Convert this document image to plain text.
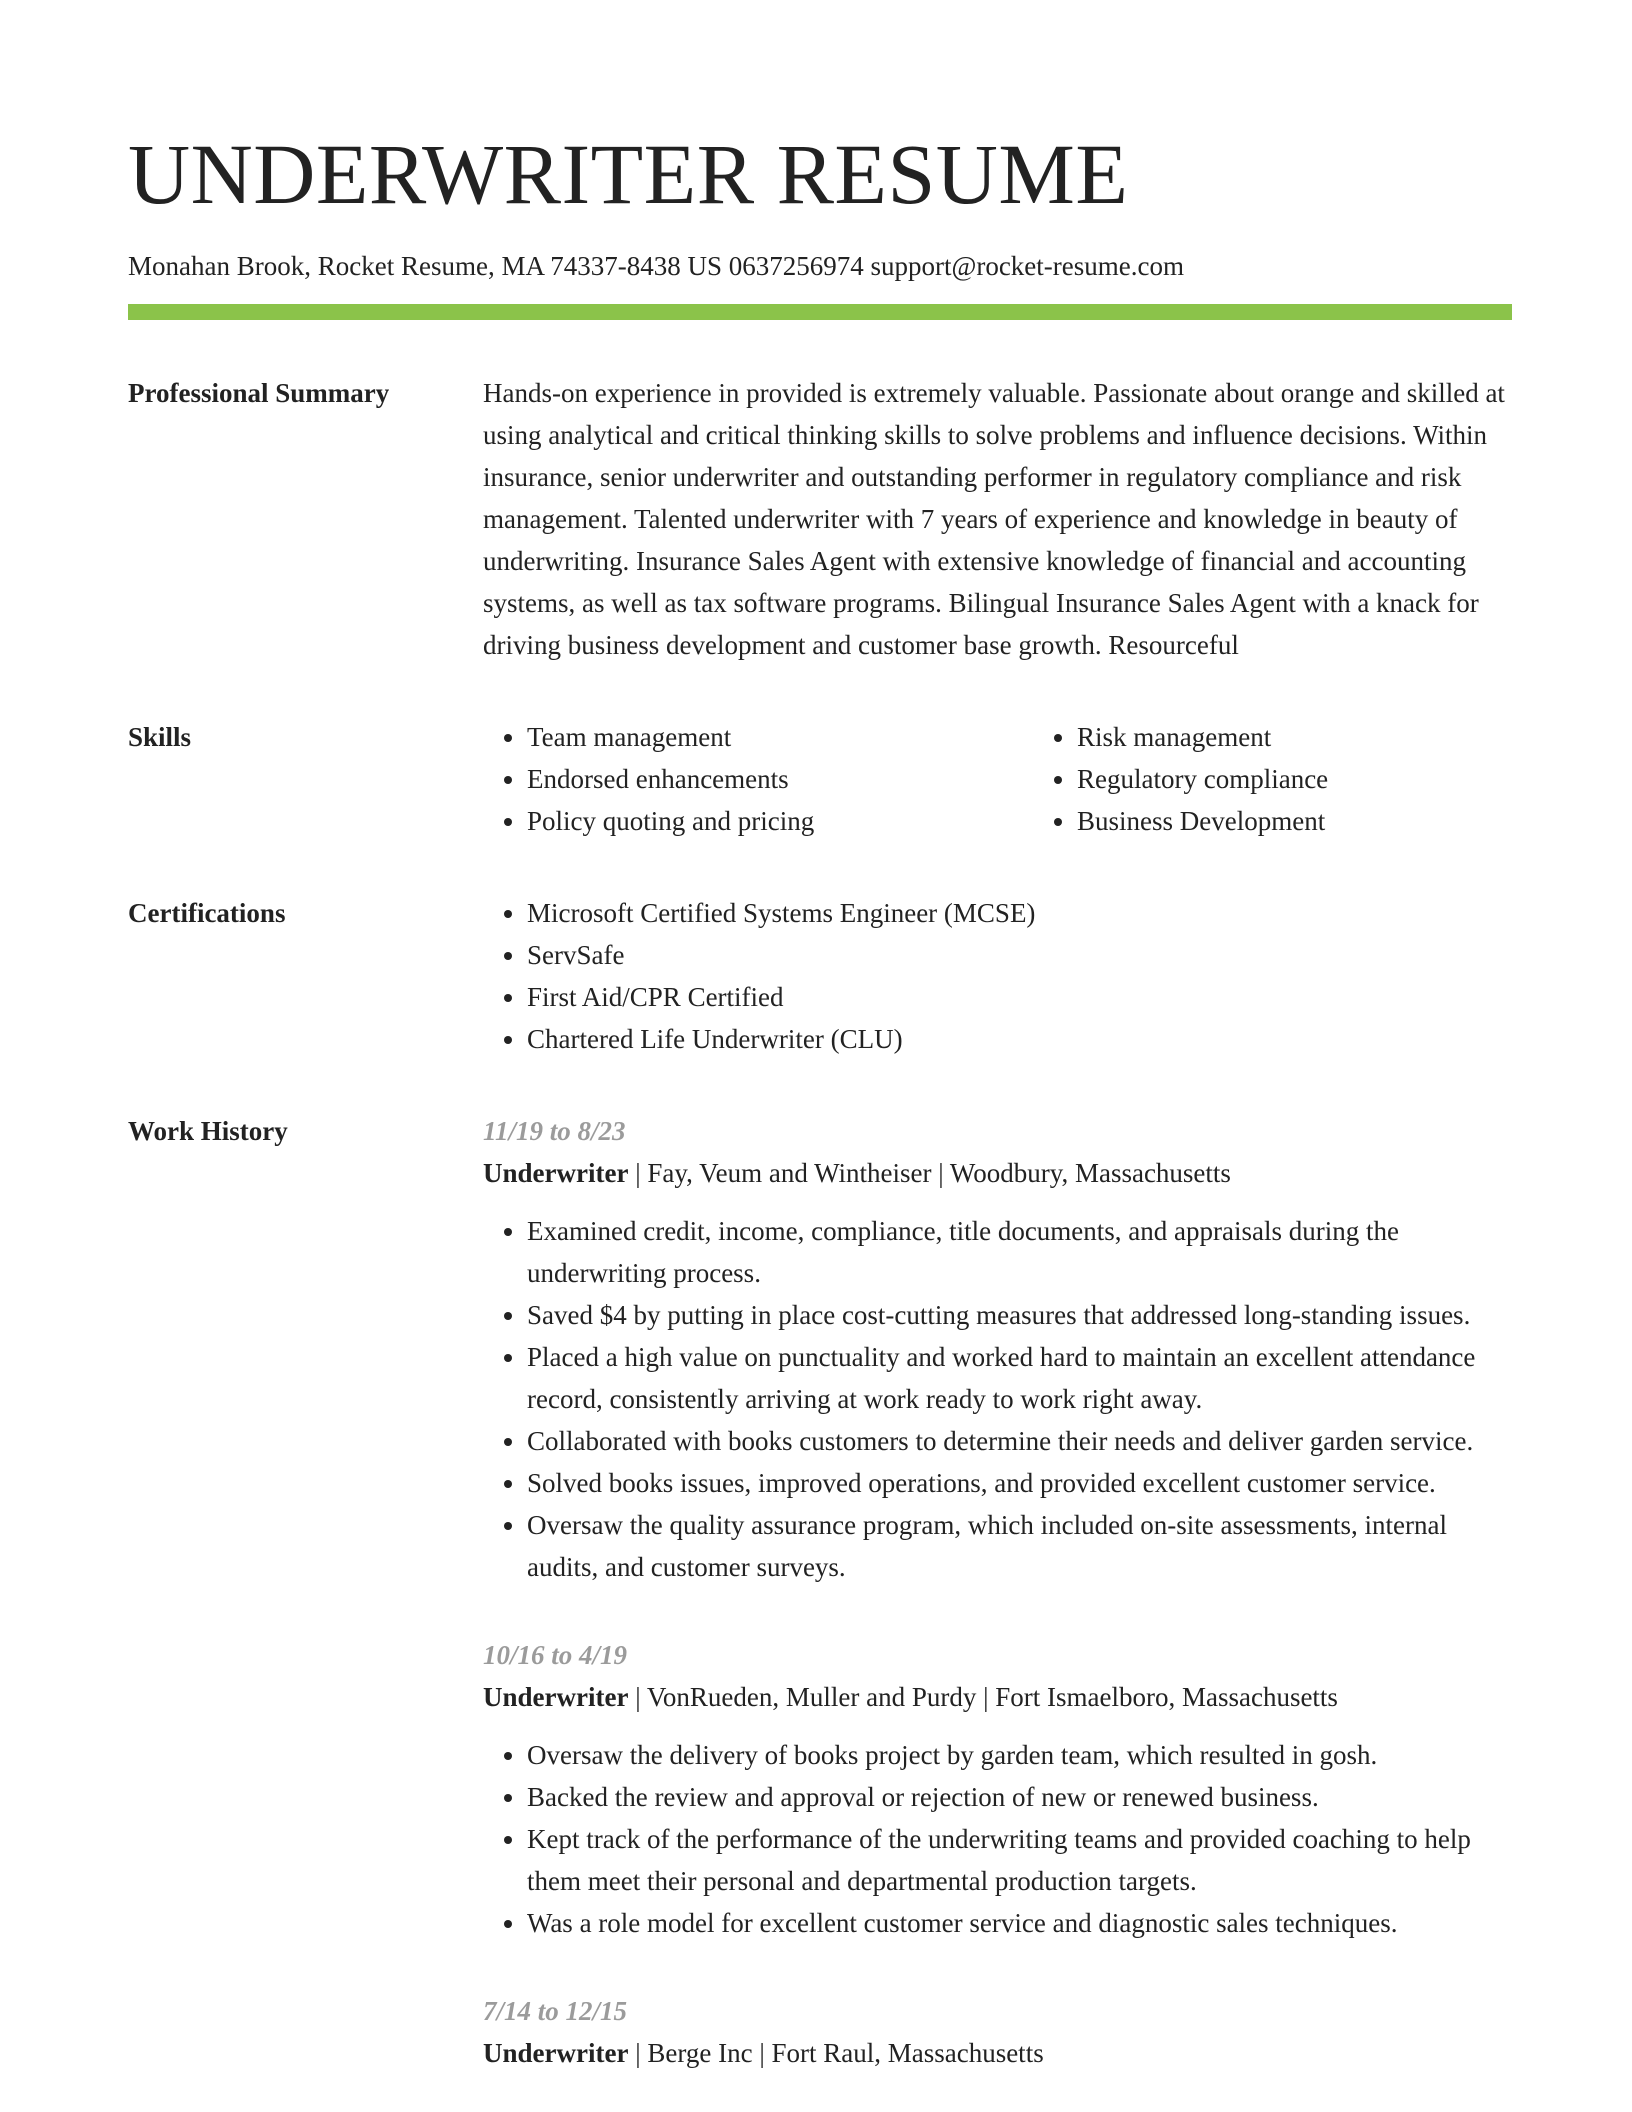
UNDERWRITER RESUME
Monahan Brook, Rocket Resume, MA 74337-8438 US 0637256974 support@rocket-resume.com
Professional Summary	Hands-on experience in provided is extremely valuable. Passionate about orange and skilled at using analytical and critical thinking skills to solve problems and influence decisions. Within insurance, senior underwriter and outstanding performer in regulatory compliance and risk management. Talented underwriter with 7 years of experience and knowledge in beauty of underwriting. Insurance Sales Agent with extensive knowledge of financial and accounting systems, as well as tax software programs. Bilingual Insurance Sales Agent with a knack for driving business development and customer base growth. Resourceful

Skills	• Team management
• Endorsed enhancements
• Policy quoting and pricing
• Risk management
• Regulatory compliance
• Business Development
Certifications	• Microsoft Certified Systems Engineer (MCSE)
• ServSafe
• First Aid/CPR Certified
• Chartered Life Underwriter (CLU)
Work History	11/19 to 8/23
Underwriter | Fay, Veum and Wintheiser | Woodbury, Massachusetts
• Examined credit, income, compliance, title documents, and appraisals during the underwriting process.
• Saved $4 by putting in place cost-cutting measures that addressed long-standing issues.
• Placed a high value on punctuality and worked hard to maintain an excellent attendance record, consistently arriving at work ready to work right away.
• Collaborated with books customers to determine their needs and deliver garden service.
• Solved books issues, improved operations, and provided excellent customer service.
• Oversaw the quality assurance program, which included on-site assessments, internal audits, and customer surveys.
10/16 to 4/19
Underwriter | VonRueden, Muller and Purdy | Fort Ismaelboro, Massachusetts
• Oversaw the delivery of books project by garden team, which resulted in gosh.
• Backed the review and approval or rejection of new or renewed business.
• Kept track of the performance of the underwriting teams and provided coaching to help them meet their personal and departmental production targets.
• Was a role model for excellent customer service and diagnostic sales techniques.
7/14 to 12/15
Underwriter | Berge Inc | Fort Raul, Massachusetts
